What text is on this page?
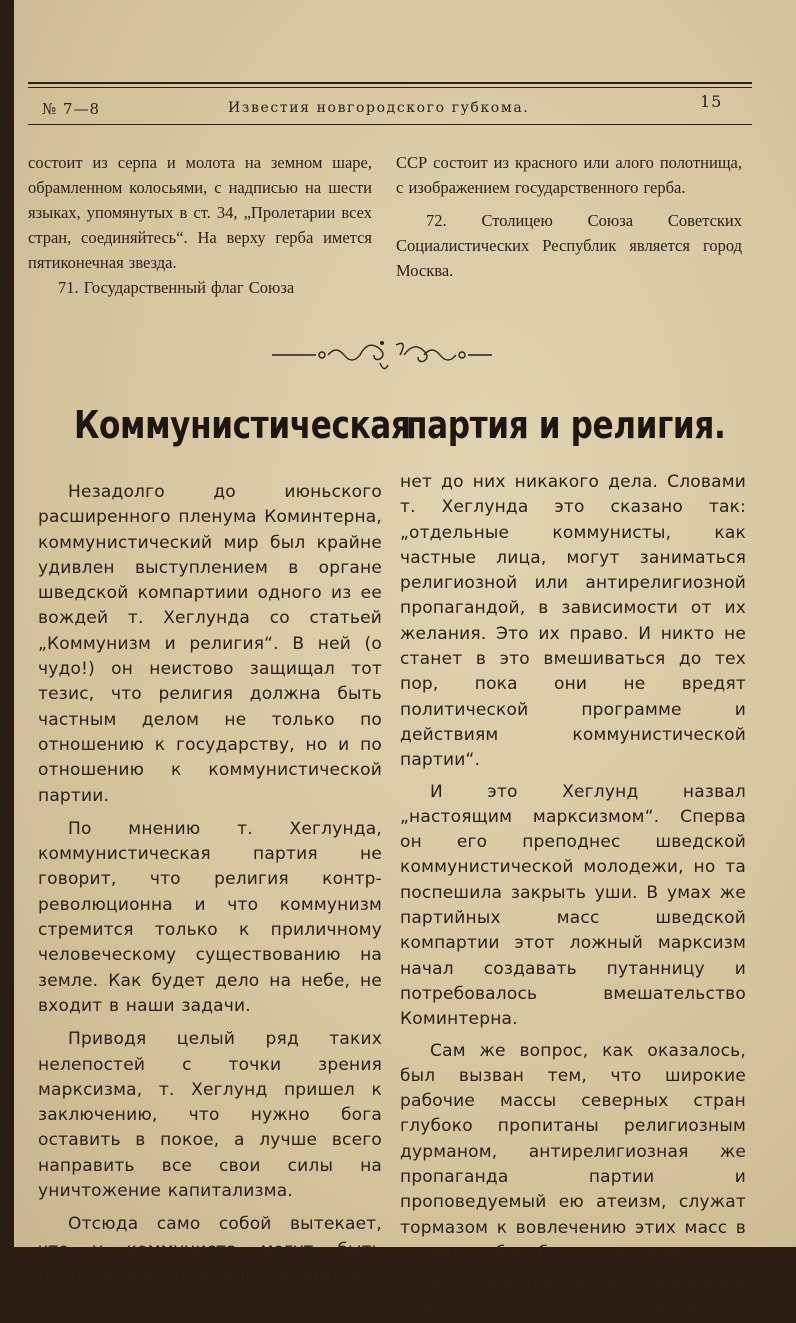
№ 7—8	Известия новгородского губкома.	15

состоит из серпа и молота на земном шаре, обрамленном колосьями, с надписью на шести языках, упомянутых в ст. 34, „Пролетарии всех стран, соединяйтесь“. На верху герба имется пятиконечная звезда.

71. Государственный флаг Союза

ССР состоит из красного или алого полотнища, с изображением государственного герба.

72. Столицею Союза Советских Социалистических Республик является город Москва.

Коммунистическая
партия и религия.

Незадолго до июньского расширенного пленума Коминтерна, коммунистический мир был крайне удивлен выступлением в органе шведской компартиии одного из ее вождей т. Хеглунда со статьей „Коммунизм и религия“. В ней (о чудо!) он неистово защищал тот тезис, что религия должна быть частным делом не только по отношению к государству, но и по отношению к коммунистической партии.

По мнению т. Хеглунда, коммунистическая партия не говорит, что религия контр-революционна и что коммунизм стремится только к приличному человеческому существованию на земле. Как будет дело на небе, не входит в наши задачи.

Приводя целый ряд таких нелепостей с точки зрения марксизма, т. Хеглунд пришел к заключению, что нужно бога оставить в покое, а лучше всего направить все свои силы на уничтожение капитализма.

Отсюда само собой вытекает, что у коммуниста могут быть религиозные убеждения, и партии

нет до них никакого дела. Словами т. Хеглунда это сказано так: „отдельные коммунисты, как частные лица, могут заниматься религиозной или антирелигиозной пропагандой, в зависимости от их желания. Это их право. И никто не станет в это вмешиваться до тех пор, пока они не вредят политической программе и действиям коммунистической партии“.

И это Хеглунд назвал „настоящим марксизмом“. Сперва он его преподнес шведской коммунистической молодежи, но та поспешила закрыть уши. В умах же партийных масс шведской компартии этот ложный марксизм начал создавать путанницу и потребовалось вмешательство Коминтерна.

Сам же вопрос, как оказалось, был вызван тем, что широкие рабочие массы северных стран глубоко пропитаны религиозным дурманом, антирелигиозная же пропаганда партии и проповедуемый ею атеизм, служат тормазом к вовлечению этих масс в активную борьбу с капиталом.

И в искании путей сближения религиозно настроенных рабочих
